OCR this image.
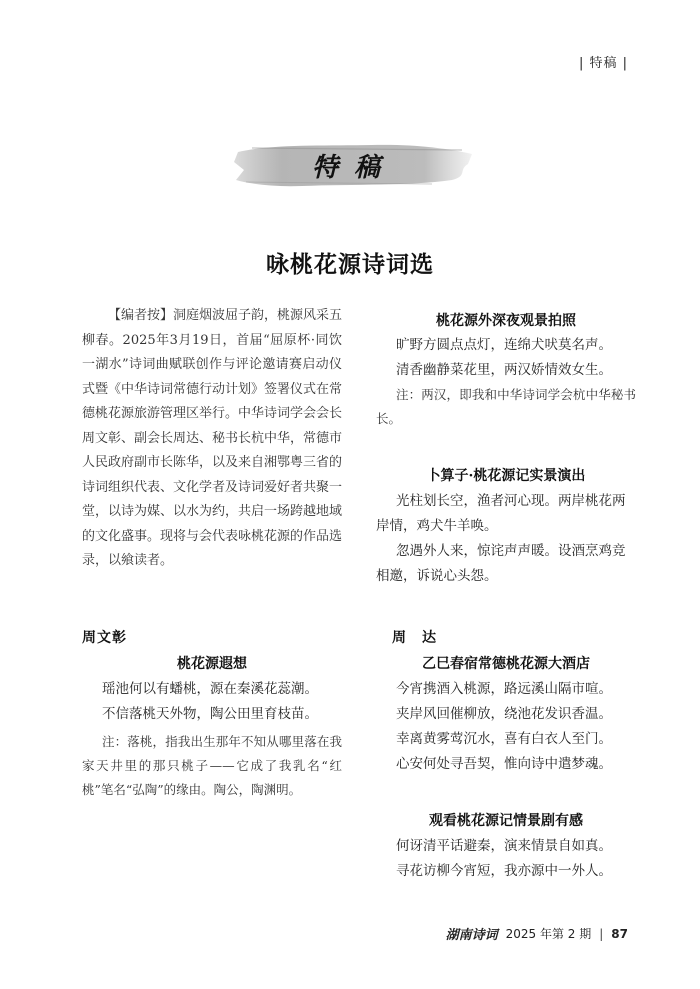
| 特稿 |
特稿
咏桃花源诗词选

【编者按】洞庭烟波屈子韵，桃源风采五柳春。2025年3月19日，首届“屈原杯·同饮一湖水”诗词曲赋联创作与评论邀请赛启动仪式暨《中华诗词常德行动计划》签署仪式在常德桃花源旅游管理区举行。中华诗词学会会长周文彰、副会长周达、秘书长杭中华，常德市人民政府副市长陈华，以及来自湘鄂粤三省的诗词组织代表、文化学者及诗词爱好者共聚一堂，以诗为媒、以水为约，共启一场跨越地域的文化盛事。现将与会代表咏桃花源的作品选录，以飨读者。

周文彰
桃花源遐想

瑶池何以有蟠桃，源在秦溪花蕊潮。

不信落桃天外物，陶公田里育枝苗。

注：落桃，指我出生那年不知从哪里落在我家天井里的那只桃子——它成了我乳名“红桃”笔名“弘陶”的缘由。陶公，陶渊明。

桃花源外深夜观景拍照

旷野方圆点点灯，连绵犬吠莫名声。

清香幽静菜花里，两汉娇情效女生。

注：两汉，即我和中华诗词学会杭中华秘书长。

卜算子·桃花源记实景演出

光柱划长空，渔者河心现。两岸桃花两岸情，鸡犬牛羊唤。

忽遇外人来，惊诧声声暖。设酒烹鸡竞相邀，诉说心头怨。

周　达
乙巳春宿常德桃花源大酒店

今宵携酒入桃源，路远溪山隔市喧。

夹岸风回催柳放，绕池花发识香温。

幸离黄雾莺沉水，喜有白衣人至门。

心安何处寻吾契，惟向诗中遣梦魂。

观看桃花源记情景剧有感

何讶清平话避秦，演来情景自如真。

寻花访柳今宵短，我亦源中一外人。

湖南诗词 2025 年第 2 期 | 87
